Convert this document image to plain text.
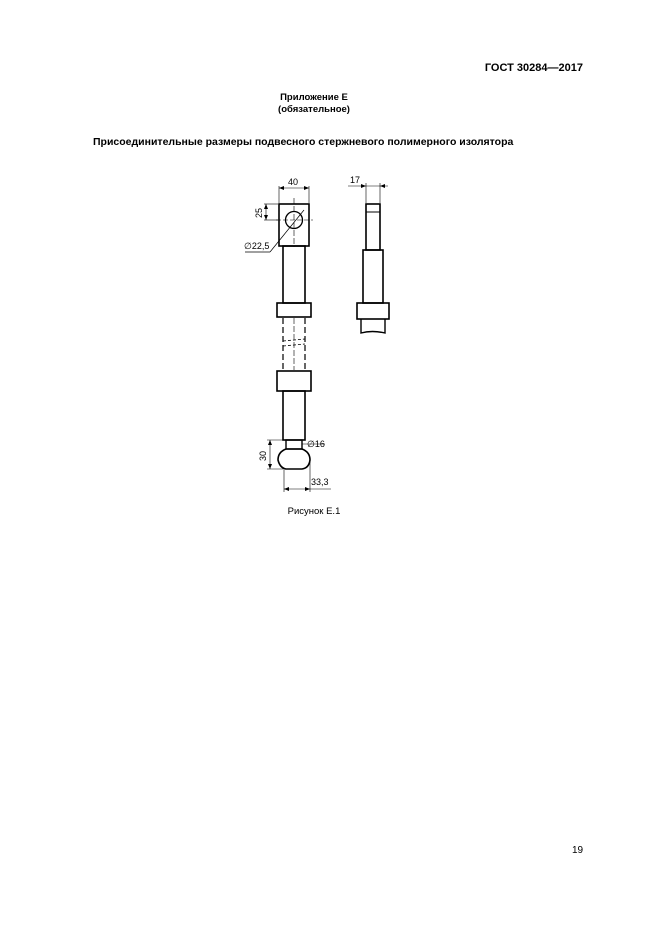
ГОСТ 30284—2017
Приложение Е
(обязательное)
Присоединительные размеры подвесного стержневого полимерного изолятора
40	17
25
∅22,5
∅16
30
33,3
Рисунок Е.1
19
